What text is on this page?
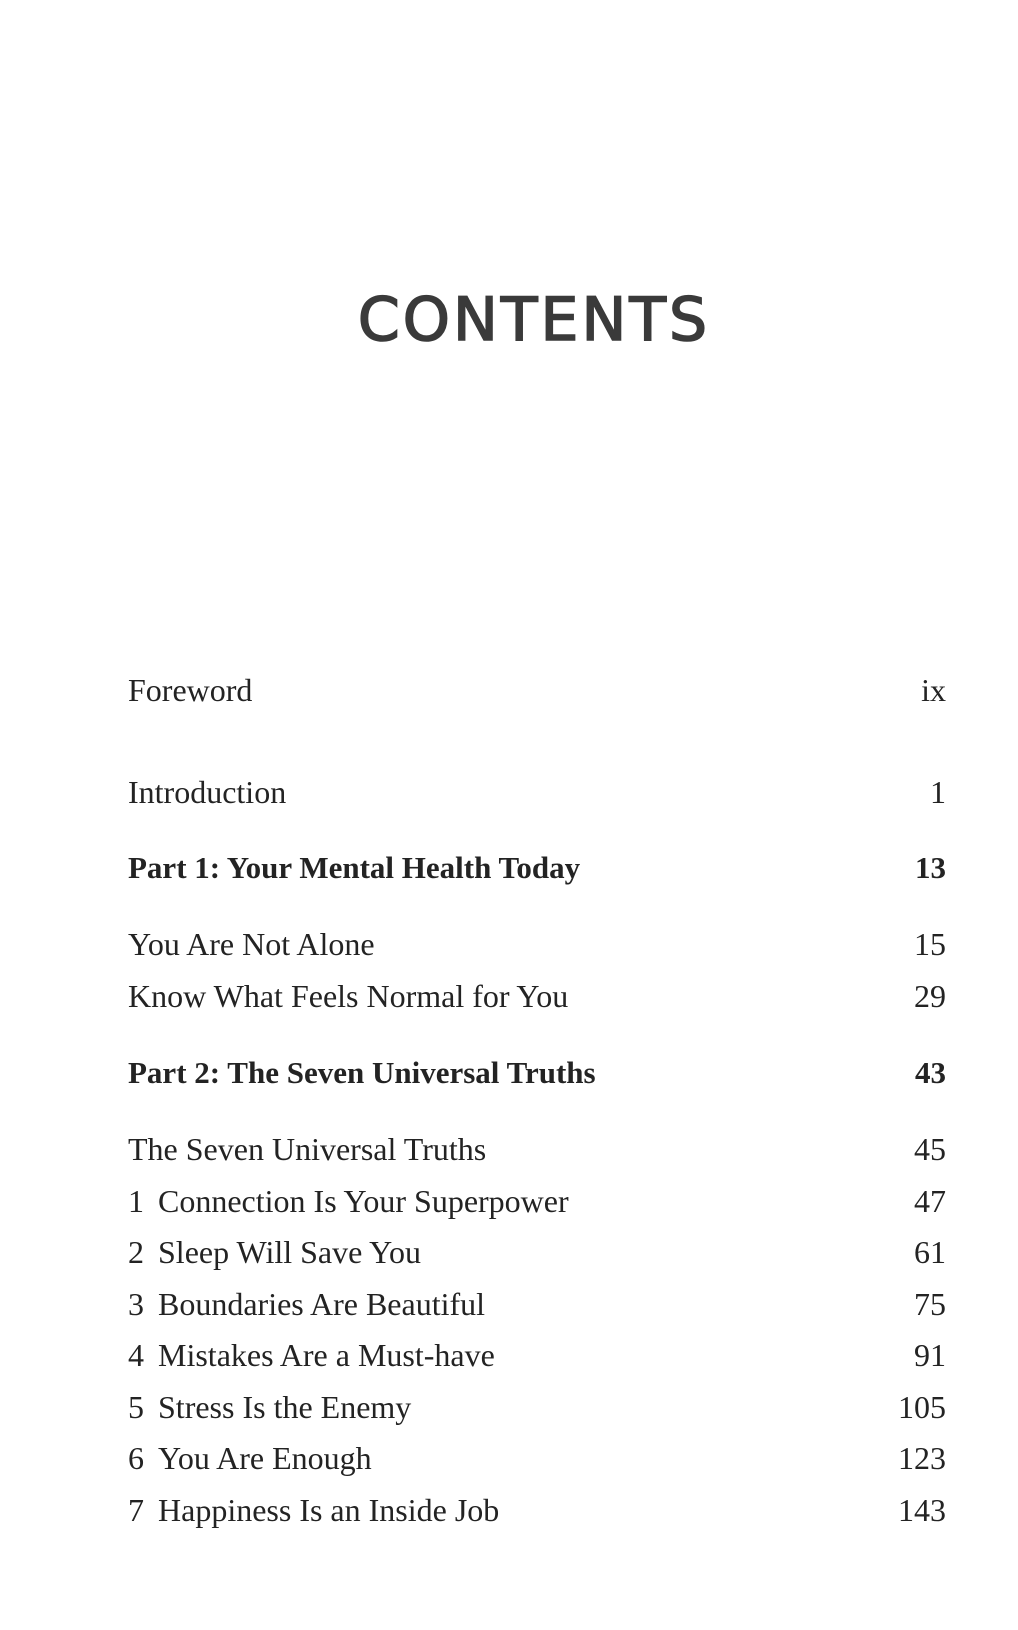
CONTENTS
Foreword	ix
Introduction	1
Part 1: Your Mental Health Today	13
You Are Not Alone	15
Know What Feels Normal for You	29
Part 2: The Seven Universal Truths	43
The Seven Universal Truths	45
1 Connection Is Your Superpower	47
2 Sleep Will Save You	61
3 Boundaries Are Beautiful	75
4 Mistakes Are a Must-have	91
5 Stress Is the Enemy	105
6 You Are Enough	123
7 Happiness Is an Inside Job	143
